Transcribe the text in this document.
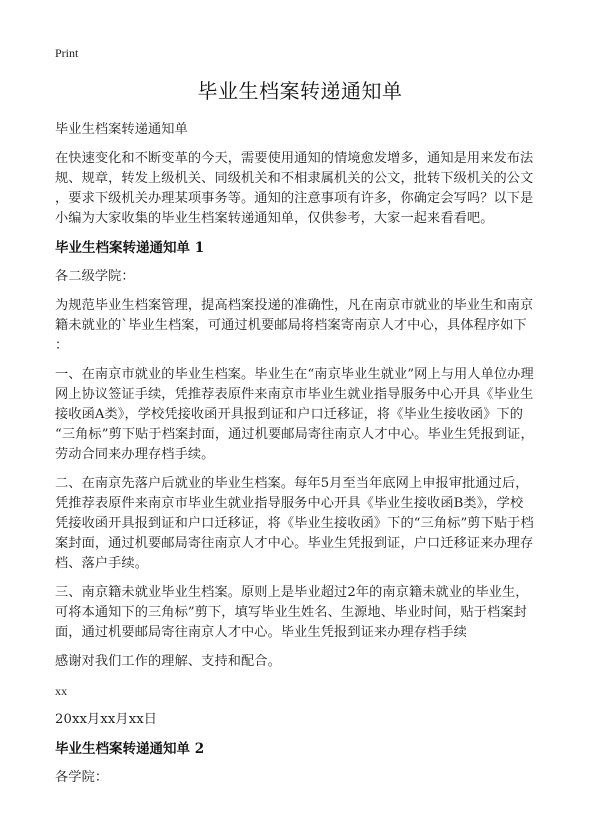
Print
毕业生档案转递通知单

毕业生档案转递通知单

在快速变化和不断变革的今天，需要使用通知的情境愈发增多，通知是用来发布法

规、规章，转发上级机关、同级机关和不相隶属机关的公文，批转下级机关的公文

，要求下级机关办理某项事务等。通知的注意事项有许多，你确定会写吗？以下是

小编为大家收集的毕业生档案转递通知单，仅供参考，大家一起来看看吧。

毕业生档案转递通知单 1

各二级学院：

为规范毕业生档案管理，提高档案投递的准确性，凡在南京市就业的毕业生和南京

籍未就业的`毕业生档案，可通过机要邮局将档案寄南京人才中心，具体程序如下

：

一、在南京市就业的毕业生档案。毕业生在“南京毕业生就业”网上与用人单位办理

网上协议签证手续，凭推荐表原件来南京市毕业生就业指导服务中心开具《毕业生

接收函A类》，学校凭接收函开具报到证和户口迁移证，将《毕业生接收函》下的

“三角标”剪下贴于档案封面，通过机要邮局寄往南京人才中心。毕业生凭报到证，

劳动合同来办理存档手续。

二、在南京先落户后就业的毕业生档案。每年5月至当年底网上申报审批通过后，

凭推荐表原件来南京市毕业生就业指导服务中心开具《毕业生接收函B类》，学校

凭接收函开具报到证和户口迁移证，将《毕业生接收函》下的“三角标”剪下贴于档

案封面，通过机要邮局寄往南京人才中心。毕业生凭报到证，户口迁移证来办理存

档、落户手续。

三、南京籍未就业毕业生档案。原则上是毕业超过2年的南京籍未就业的毕业生，

可将本通知下的三角标”剪下，填写毕业生姓名、生源地、毕业时间，贴于档案封

面，通过机要邮局寄往南京人才中心。毕业生凭报到证来办理存档手续

感谢对我们工作的理解、支持和配合。

xx

20xx月xx月xx日

毕业生档案转递通知单 2

各学院：
